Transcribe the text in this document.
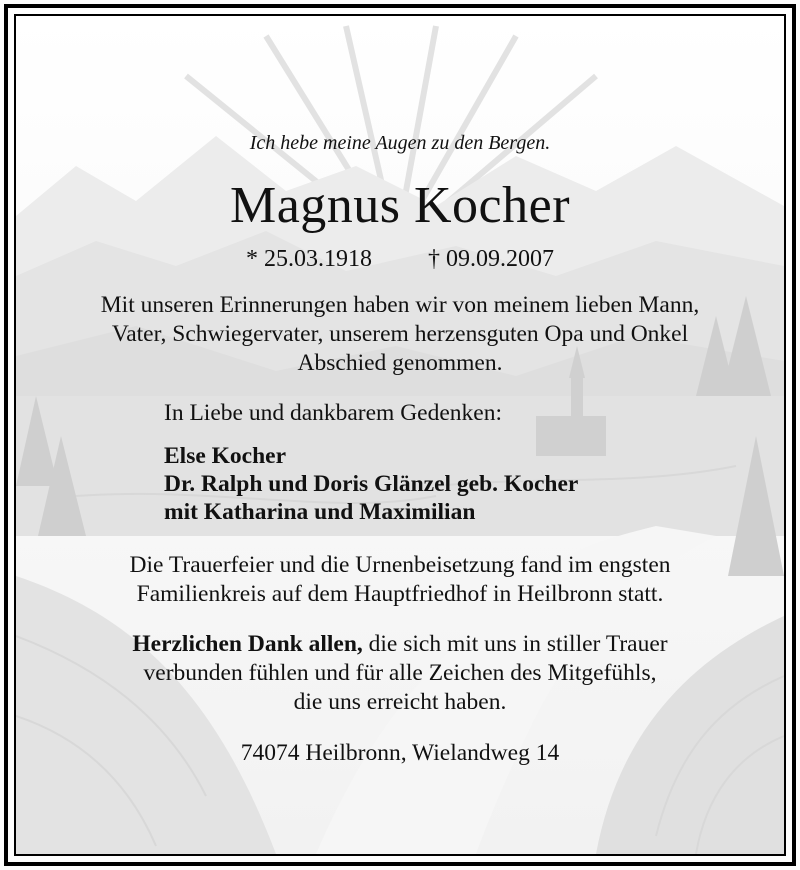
Ich hebe meine Augen zu den Bergen.
Magnus Kocher
* 25.03.1918 † 09.09.2007
Mit unseren Erinnerungen haben wir von meinem lieben Mann,
Vater, Schwiegervater, unserem herzensguten Opa und Onkel
Abschied genommen.
In Liebe und dankbarem Gedenken:
Else Kocher
Dr. Ralph und Doris Glänzel geb. Kocher
mit Katharina und Maximilian
Die Trauerfeier und die Urnenbeisetzung fand im engsten
Familienkreis auf dem Hauptfriedhof in Heilbronn statt.
Herzlichen Dank allen, die sich mit uns in stiller Trauer
verbunden fühlen und für alle Zeichen des Mitgefühls,
die uns erreicht haben.
74074 Heilbronn, Wielandweg 14
